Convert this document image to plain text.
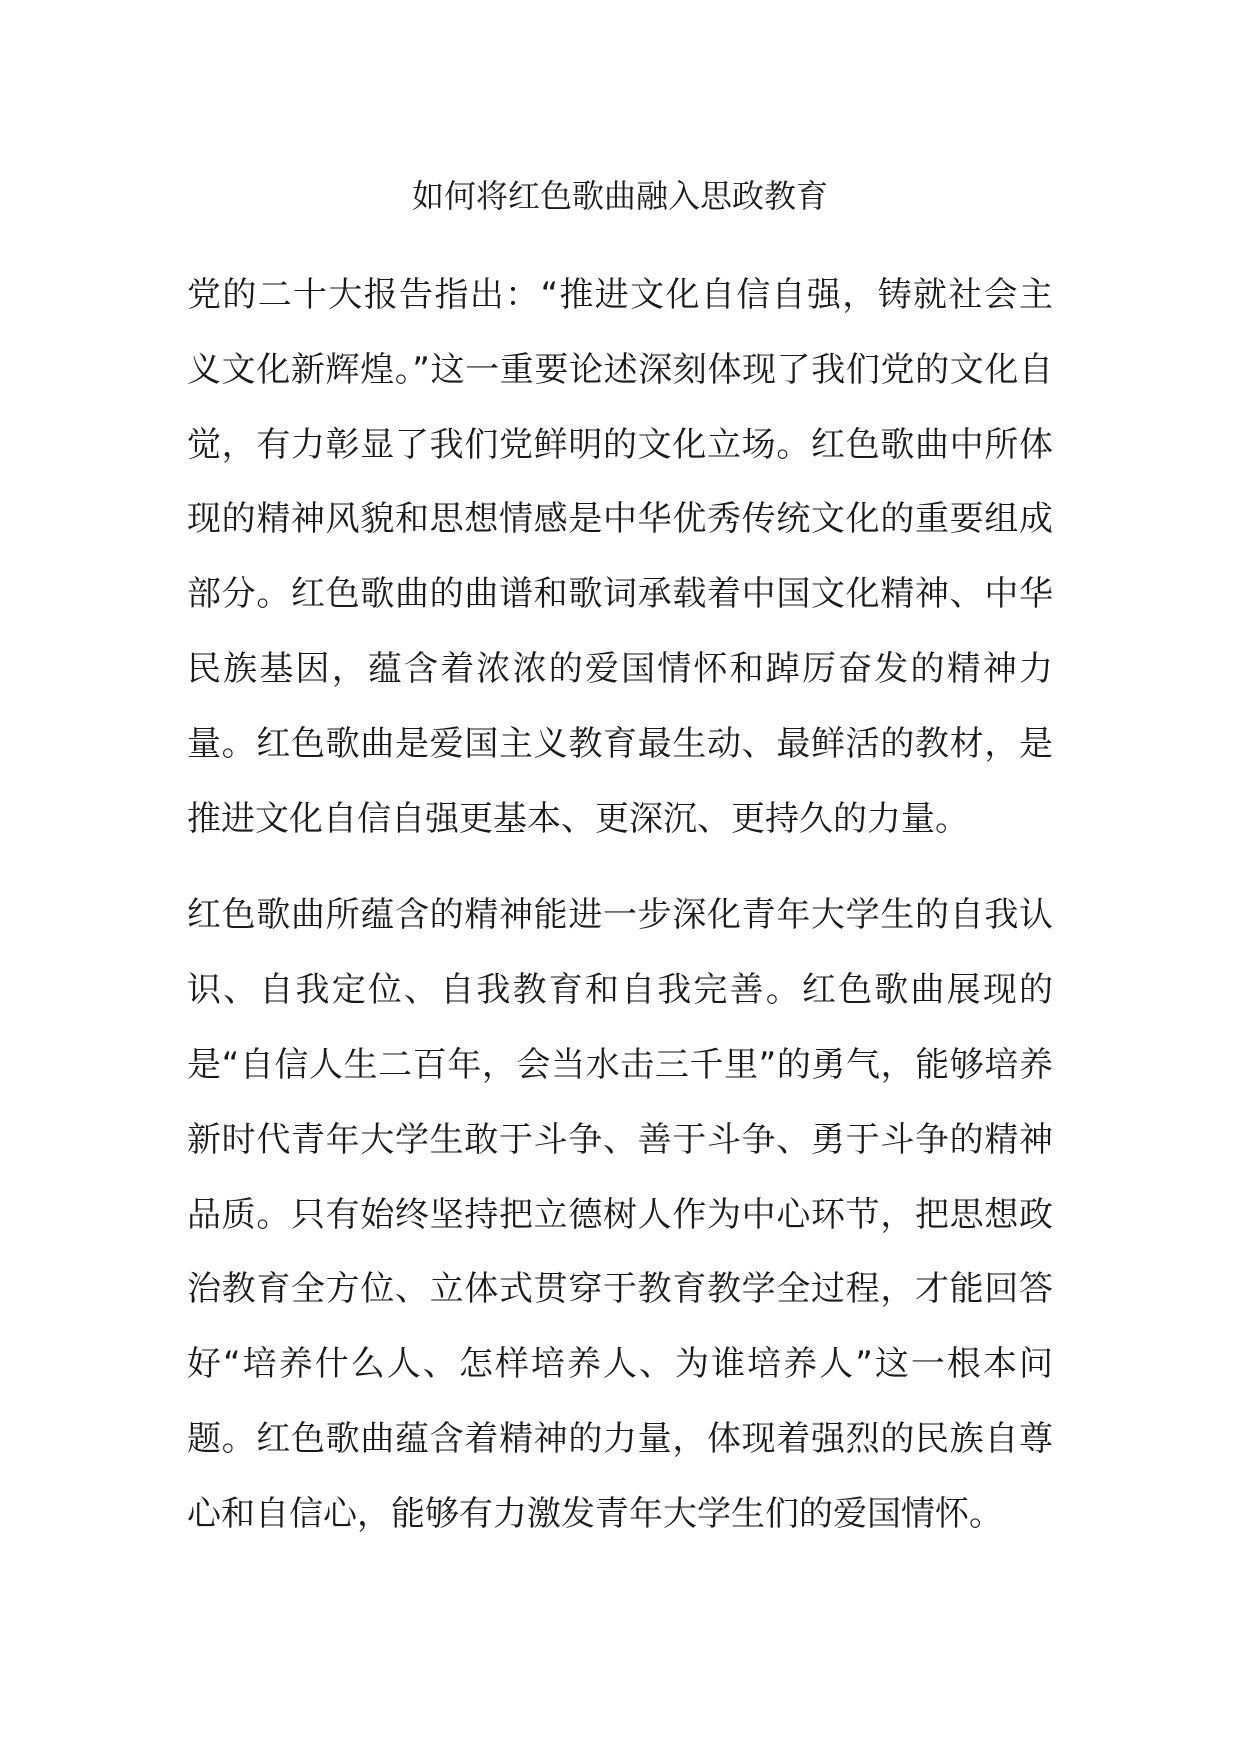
如何将红色歌曲融入思政教育

党的二十大报告指出：“推进文化自信自强，铸就社会主义文化新辉煌。”这一重要论述深刻体现了我们党的文化自觉，有力彰显了我们党鲜明的文化立场。红色歌曲中所体现的精神风貌和思想情感是中华优秀传统文化的重要组成部分。红色歌曲的曲谱和歌词承载着中国文化精神、中华民族基因，蕴含着浓浓的爱国情怀和踔厉奋发的精神力量。红色歌曲是爱国主义教育最生动、最鲜活的教材，是推进文化自信自强更基本、更深沉、更持久的力量。

红色歌曲所蕴含的精神能进一步深化青年大学生的自我认识、自我定位、自我教育和自我完善。红色歌曲展现的是“自信人生二百年，会当水击三千里”的勇气，能够培养新时代青年大学生敢于斗争、善于斗争、勇于斗争的精神品质。只有始终坚持把立德树人作为中心环节，把思想政治教育全方位、立体式贯穿于教育教学全过程，才能回答好“培养什么人、怎样培养人、为谁培养人”这一根本问题。红色歌曲蕴含着精神的力量，体现着强烈的民族自尊心和自信心，能够有力激发青年大学生们的爱国情怀。
